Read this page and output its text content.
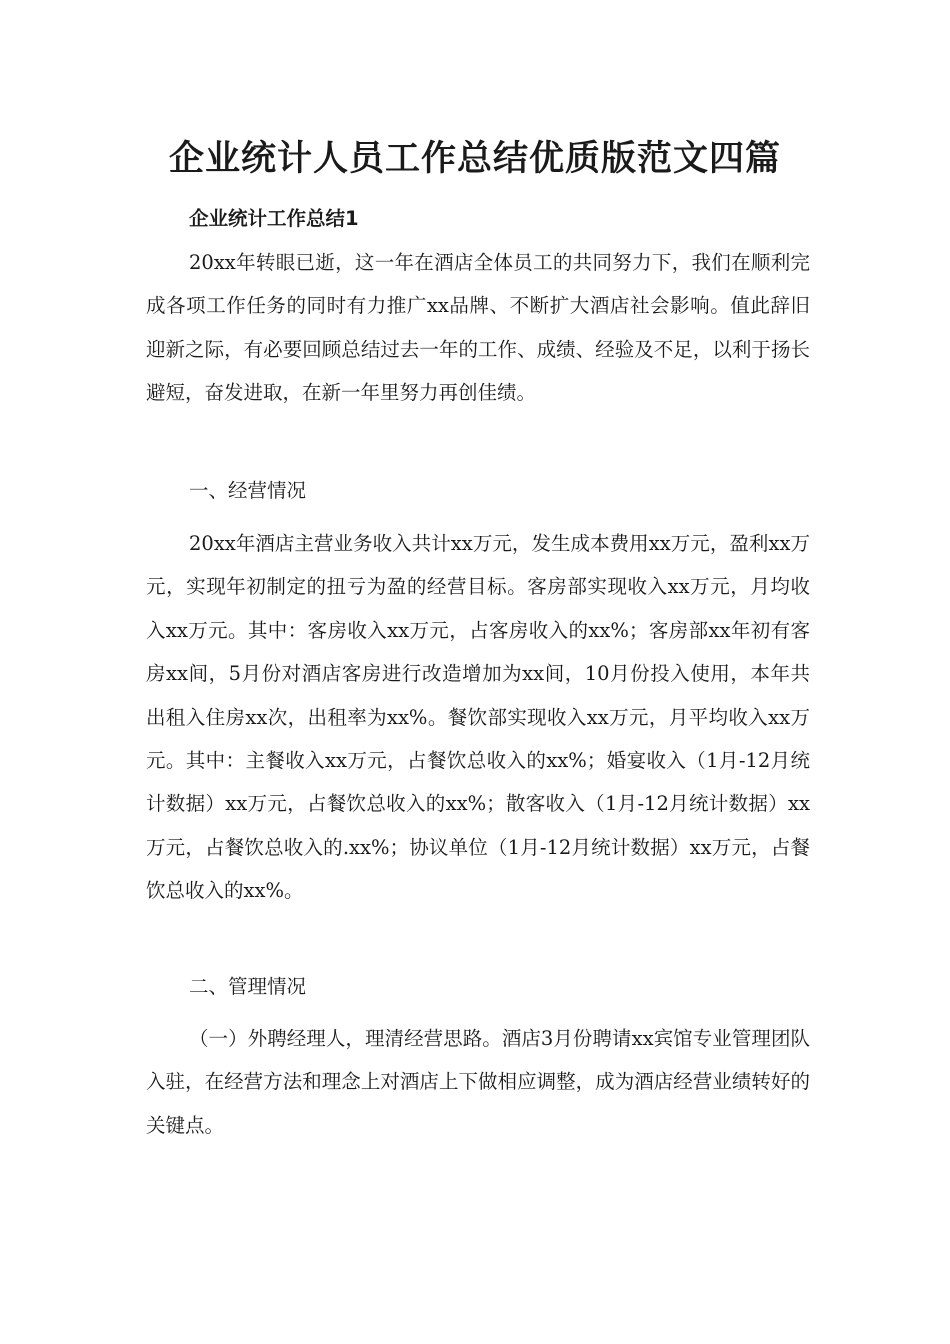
企业统计人员工作总结优质版范文四篇

企业统计工作总结1

20xx年转眼已逝，这一年在酒店全体员工的共同努力下，我们在顺利完成各项工作任务的同时有力推广xx品牌、不断扩大酒店社会影响。值此辞旧迎新之际，有必要回顾总结过去一年的工作、成绩、经验及不足，以利于扬长避短，奋发进取，在新一年里努力再创佳绩。

一、经营情况

20xx年酒店主营业务收入共计xx万元，发生成本费用xx万元，盈利xx万元，实现年初制定的扭亏为盈的经营目标。客房部实现收入xx万元，月均收入xx万元。其中：客房收入xx万元，占客房收入的xx%；客房部xx年初有客房xx间，5月份对酒店客房进行改造增加为xx间，10月份投入使用，本年共出租入住房xx次，出租率为xx%。餐饮部实现收入xx万元，月平均收入xx万元。其中：主餐收入xx万元，占餐饮总收入的xx%；婚宴收入（1月-12月统计数据）xx万元，占餐饮总收入的xx%；散客收入（1月-12月统计数据）xx万元，占餐饮总收入的.xx%；协议单位（1月-12月统计数据）xx万元，占餐饮总收入的xx%。

二、管理情况

（一）外聘经理人，理清经营思路。酒店3月份聘请xx宾馆专业管理团队入驻，在经营方法和理念上对酒店上下做相应调整，成为酒店经营业绩转好的关键点。
